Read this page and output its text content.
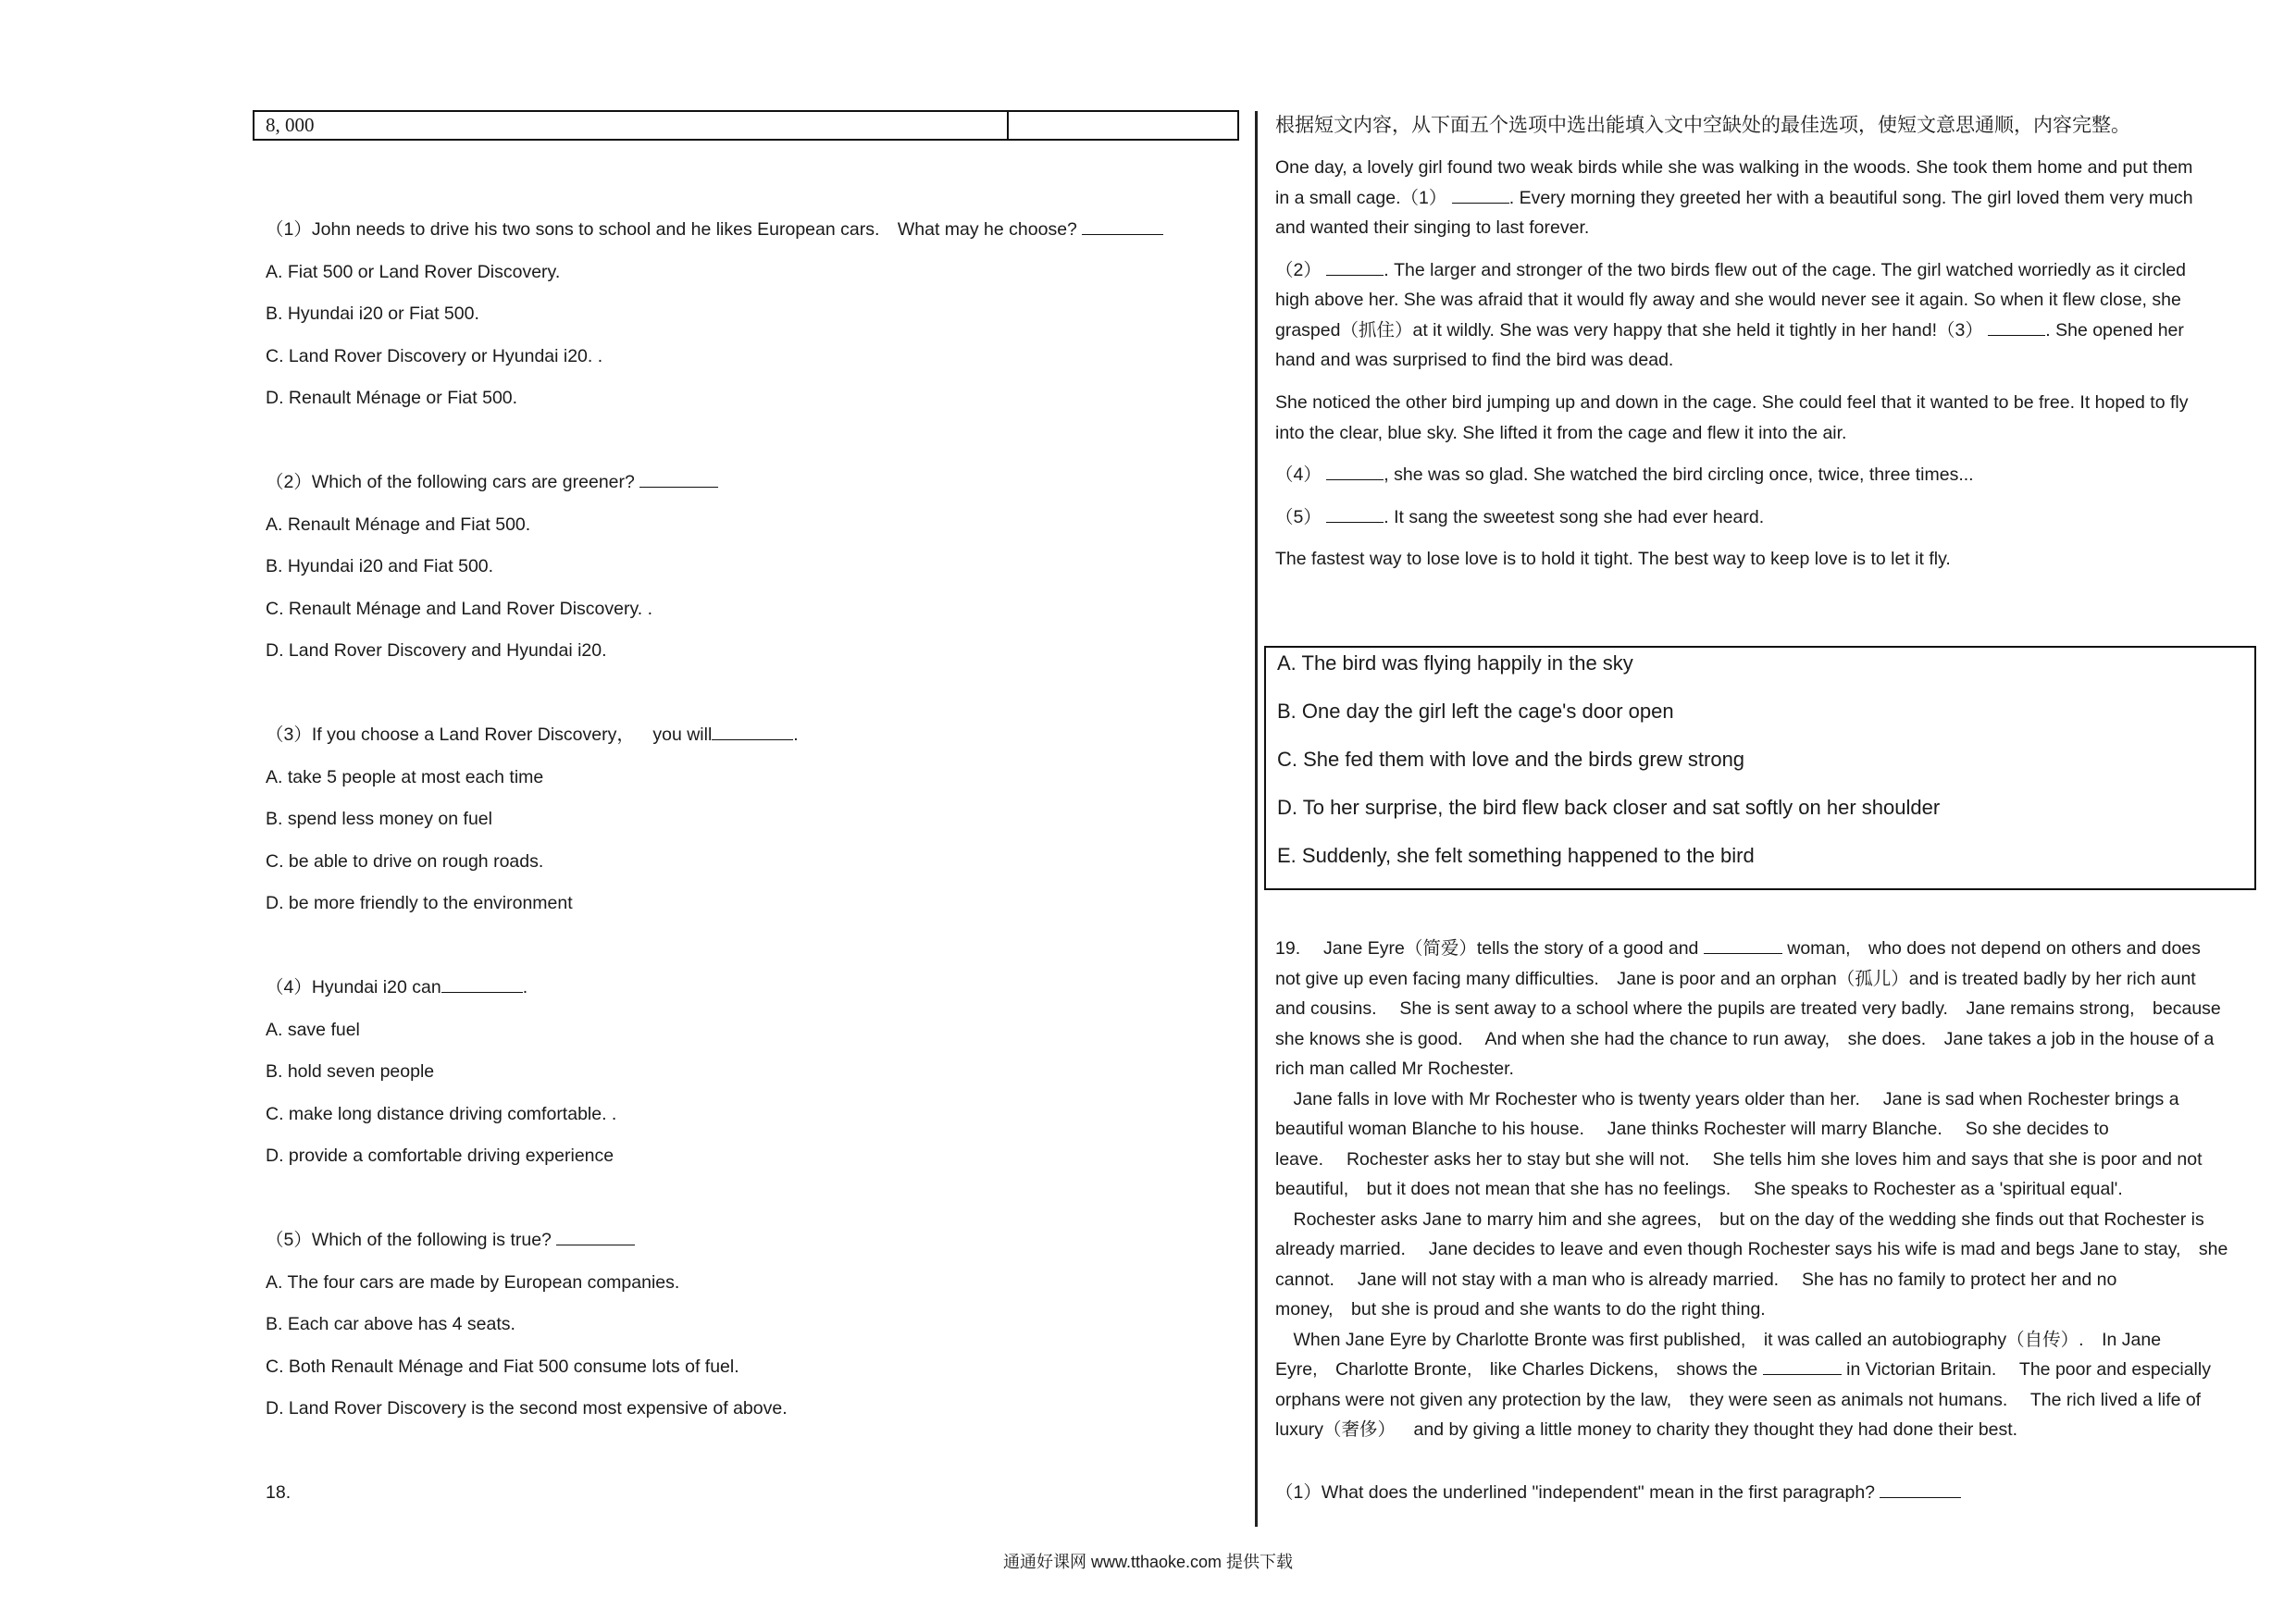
8, 000
（1）John needs to drive his two sons to school and he likes European cars. What may he choose?
A. Fiat 500 or Land Rover Discovery.
B. Hyundai i20 or Fiat 500.
C. Land Rover Discovery or Hyundai i20. .
D. Renault Ménage or Fiat 500.
（2）Which of the following cars are greener?
A. Renault Ménage and Fiat 500.
B. Hyundai i20 and Fiat 500.
C. Renault Ménage and Land Rover Discovery. .
D. Land Rover Discovery and Hyundai i20.
（3）If you choose a Land Rover Discovery， you will	.
A. take 5 people at most each time
B. spend less money on fuel
C. be able to drive on rough roads.
D. be more friendly to the environment
（4）Hyundai i20 can	.
A. save fuel
B. hold seven people
C. make long distance driving comfortable. .
D. provide a comfortable driving experience
（5）Which of the following is true?
A. The four cars are made by European companies.
B. Each car above has 4 seats.
C. Both Renault Ménage and Fiat 500 consume lots of fuel.
D. Land Rover Discovery is the second most expensive of above.
18.
根据短文内容，从下面五个选项中选出能填入文中空缺处的最佳选项，使短文意思通顺，内容完整。
One day, a lovely girl found two weak birds while she was walking in the woods. She took them home and put them
in a small cage.（1）	. Every morning they greeted her with a beautiful song. The girl loved them very much
and wanted their singing to last forever.
（2）	. The larger and stronger of the two birds flew out of the cage. The girl watched worriedly as it circled
high above her. She was afraid that it would fly away and she would never see it again. So when it flew close, she
grasped（抓住）at it wildly. She was very happy that she held it tightly in her hand!（3）	. She opened her
hand and was surprised to find the bird was dead.
She noticed the other bird jumping up and down in the cage. She could feel that it wanted to be free. It hoped to fly
into the clear, blue sky. She lifted it from the cage and flew it into the air.
（4）	, she was so glad. She watched the bird circling once, twice, three times...
（5）	. It sang the sweetest song she had ever heard.
The fastest way to lose love is to hold it tight. The best way to keep love is to let it fly.
A. The bird was flying happily in the sky
B. One day the girl left the cage's door open
C. She fed them with love and the birds grew strong
D. To her surprise, the bird flew back closer and sat softly on her shoulder
E. Suddenly, she felt something happened to the bird
19.  Jane Eyre（简爱）tells the story of a good and	woman, who does not depend on others and does
not give up even facing many difficulties. Jane is poor and an orphan（孤儿）and is treated badly by her rich aunt
and cousins.  She is sent away to a school where the pupils are treated very badly. Jane remains strong, because
she knows she is good.  And when she had the chance to run away, she does. Jane takes a job in the house of a
rich man called Mr Rochester.
 Jane falls in love with Mr Rochester who is twenty years older than her.  Jane is sad when Rochester brings a
beautiful woman Blanche to his house.  Jane thinks Rochester will marry Blanche.  So she decides to
leave.  Rochester asks her to stay but she will not.  She tells him she loves him and says that she is poor and not
beautiful, but it does not mean that she has no feelings.  She speaks to Rochester as a 'spiritual equal'.
 Rochester asks Jane to marry him and she agrees, but on the day of the wedding she finds out that Rochester is
already married.  Jane decides to leave and even though Rochester says his wife is mad and begs Jane to stay, she
cannot.  Jane will not stay with a man who is already married.  She has no family to protect her and no
money, but she is proud and she wants to do the right thing.
 When Jane Eyre by Charlotte Bronte was first published, it was called an autobiography（自传）. In Jane
Eyre, Charlotte Bronte, like Charles Dickens, shows the	in Victorian Britain.  The poor and especially
orphans were not given any protection by the law, they were seen as animals not humans.  The rich lived a life of
luxury（奢侈） and by giving a little money to charity they thought they had done their best.
（1）What does the underlined "independent" mean in the first paragraph?
通通好课网 www.tthaoke.com 提供下载
